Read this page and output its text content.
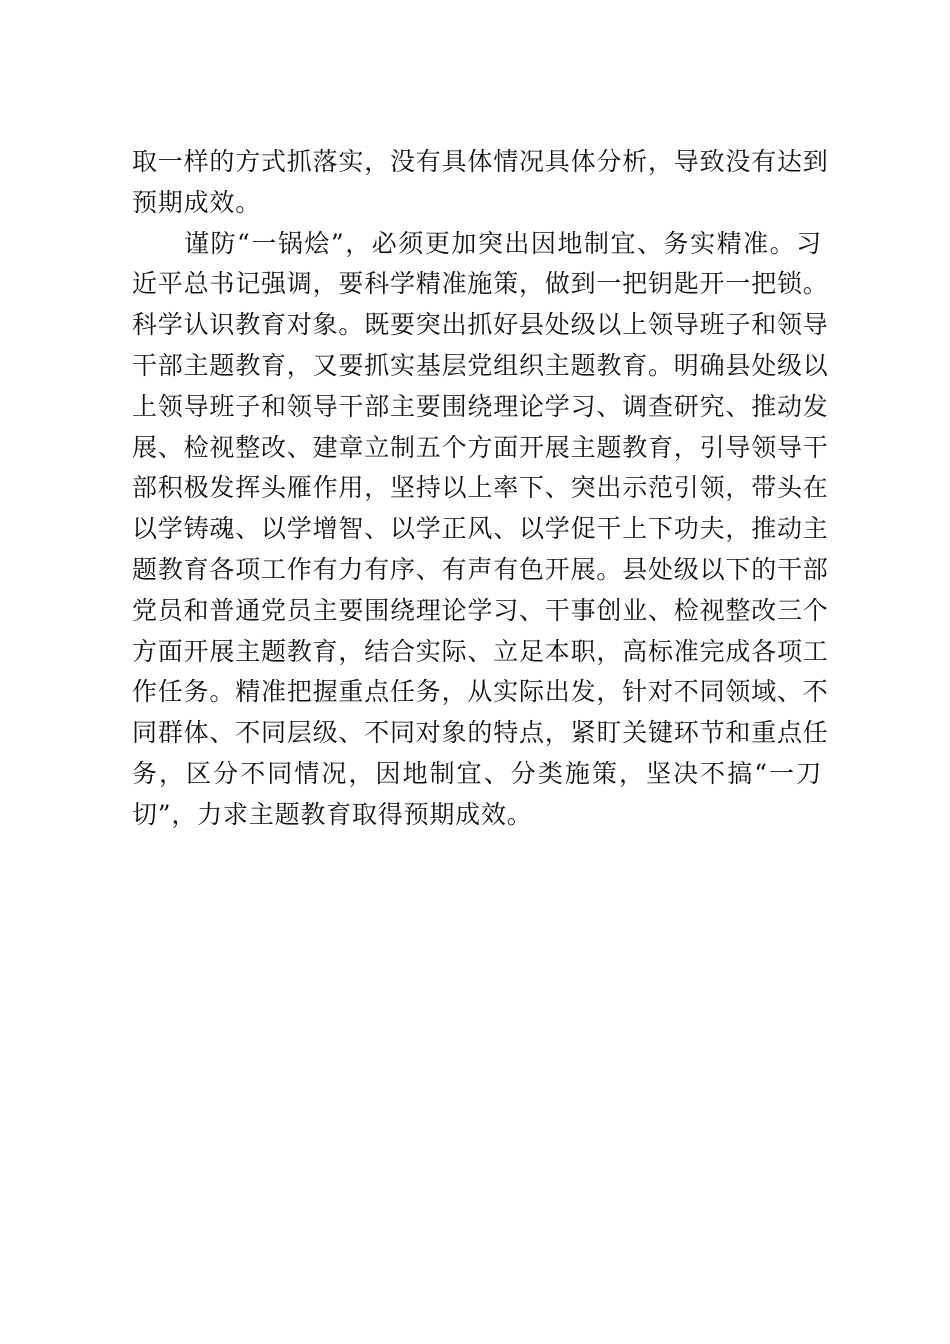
取一样的方式抓落实，没有具体情况具体分析，导致没有达到
预期成效。
谨防“一锅烩”，必须更加突出因地制宜、务实精准。习
近平总书记强调，要科学精准施策，做到一把钥匙开一把锁。
科学认识教育对象。既要突出抓好县处级以上领导班子和领导
干部主题教育，又要抓实基层党组织主题教育。明确县处级以
上领导班子和领导干部主要围绕理论学习、调查研究、推动发
展、检视整改、建章立制五个方面开展主题教育，引导领导干
部积极发挥头雁作用，坚持以上率下、突出示范引领，带头在
以学铸魂、以学增智、以学正风、以学促干上下功夫，推动主
题教育各项工作有力有序、有声有色开展。县处级以下的干部
党员和普通党员主要围绕理论学习、干事创业、检视整改三个
方面开展主题教育，结合实际、立足本职，高标准完成各项工
作任务。精准把握重点任务，从实际出发，针对不同领域、不
同群体、不同层级、不同对象的特点，紧盯关键环节和重点任
务，区分不同情况，因地制宜、分类施策，坚决不搞“一刀
切”，力求主题教育取得预期成效。
